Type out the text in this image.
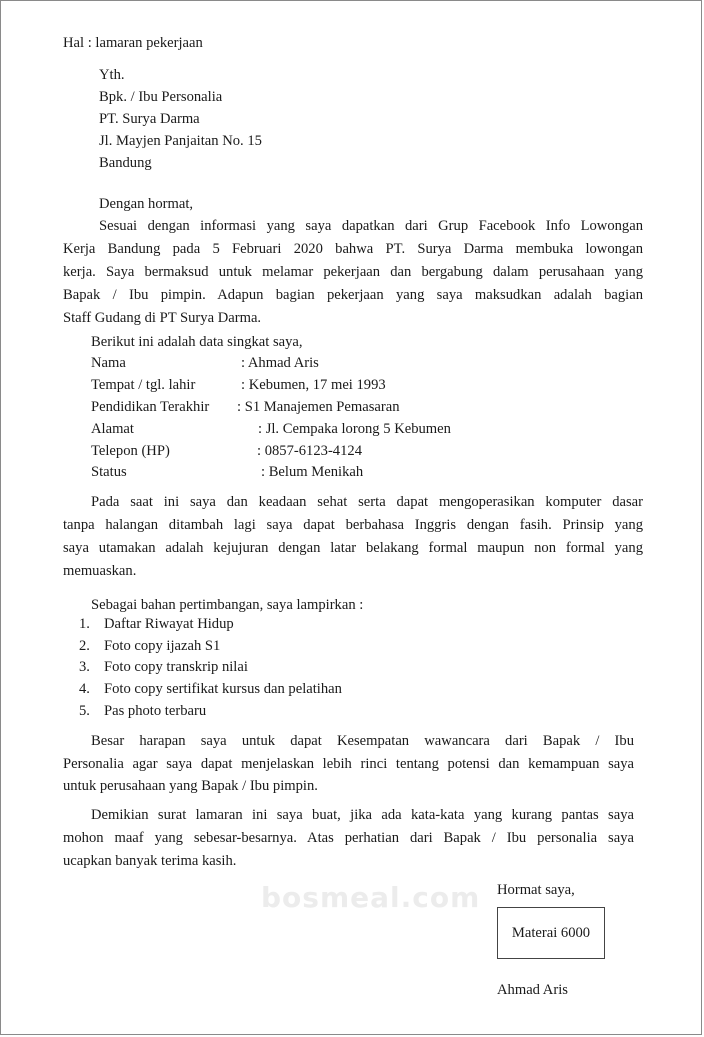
Hal : lamaran pekerjaan
Yth.
Bpk. / Ibu Personalia
PT. Surya Darma
Jl. Mayjen Panjaitan No. 15
Bandung
Dengan hormat,
Sesuai dengan informasi yang saya dapatkan dari Grup Facebook Info Lowongan
Kerja Bandung pada 5 Februari 2020 bahwa PT. Surya Darma membuka lowongan
kerja. Saya bermaksud untuk melamar pekerjaan dan bergabung dalam perusahaan yang
Bapak / Ibu pimpin. Adapun bagian pekerjaan yang saya maksudkan adalah bagian
Staff Gudang di PT Surya Darma.
Berikut ini adalah data singkat saya,
Nama	: Ahmad Aris
Tempat / tgl. lahir	: Kebumen, 17 mei 1993
Pendidikan Terakhir : S1 Manajemen Pemasaran
Alamat	: Jl. Cempaka lorong 5 Kebumen
Telepon (HP)	: 0857-6123-4124
Status	: Belum Menikah
Pada saat ini saya dan keadaan sehat serta dapat mengoperasikan komputer dasar
tanpa halangan ditambah lagi saya dapat berbahasa Inggris dengan fasih. Prinsip yang
saya utamakan adalah kejujuran dengan latar belakang formal maupun non formal yang
memuaskan.
Sebagai bahan pertimbangan, saya lampirkan :
1. Daftar Riwayat Hidup
2. Foto copy ijazah S1
3. Foto copy transkrip nilai
4. Foto copy sertifikat kursus dan pelatihan
5. Pas photo terbaru
Besar harapan saya untuk dapat Kesempatan wawancara dari Bapak / Ibu
Personalia agar saya dapat menjelaskan lebih rinci tentang potensi dan kemampuan saya
untuk perusahaan yang Bapak / Ibu pimpin.
Demikian surat lamaran ini saya buat, jika ada kata-kata yang kurang pantas saya
mohon maaf yang sebesar-besarnya. Atas perhatian dari Bapak / Ibu personalia saya
ucapkan banyak terima kasih.
bosmeal.com Hormat saya,
Materai 6000
Ahmad Aris
